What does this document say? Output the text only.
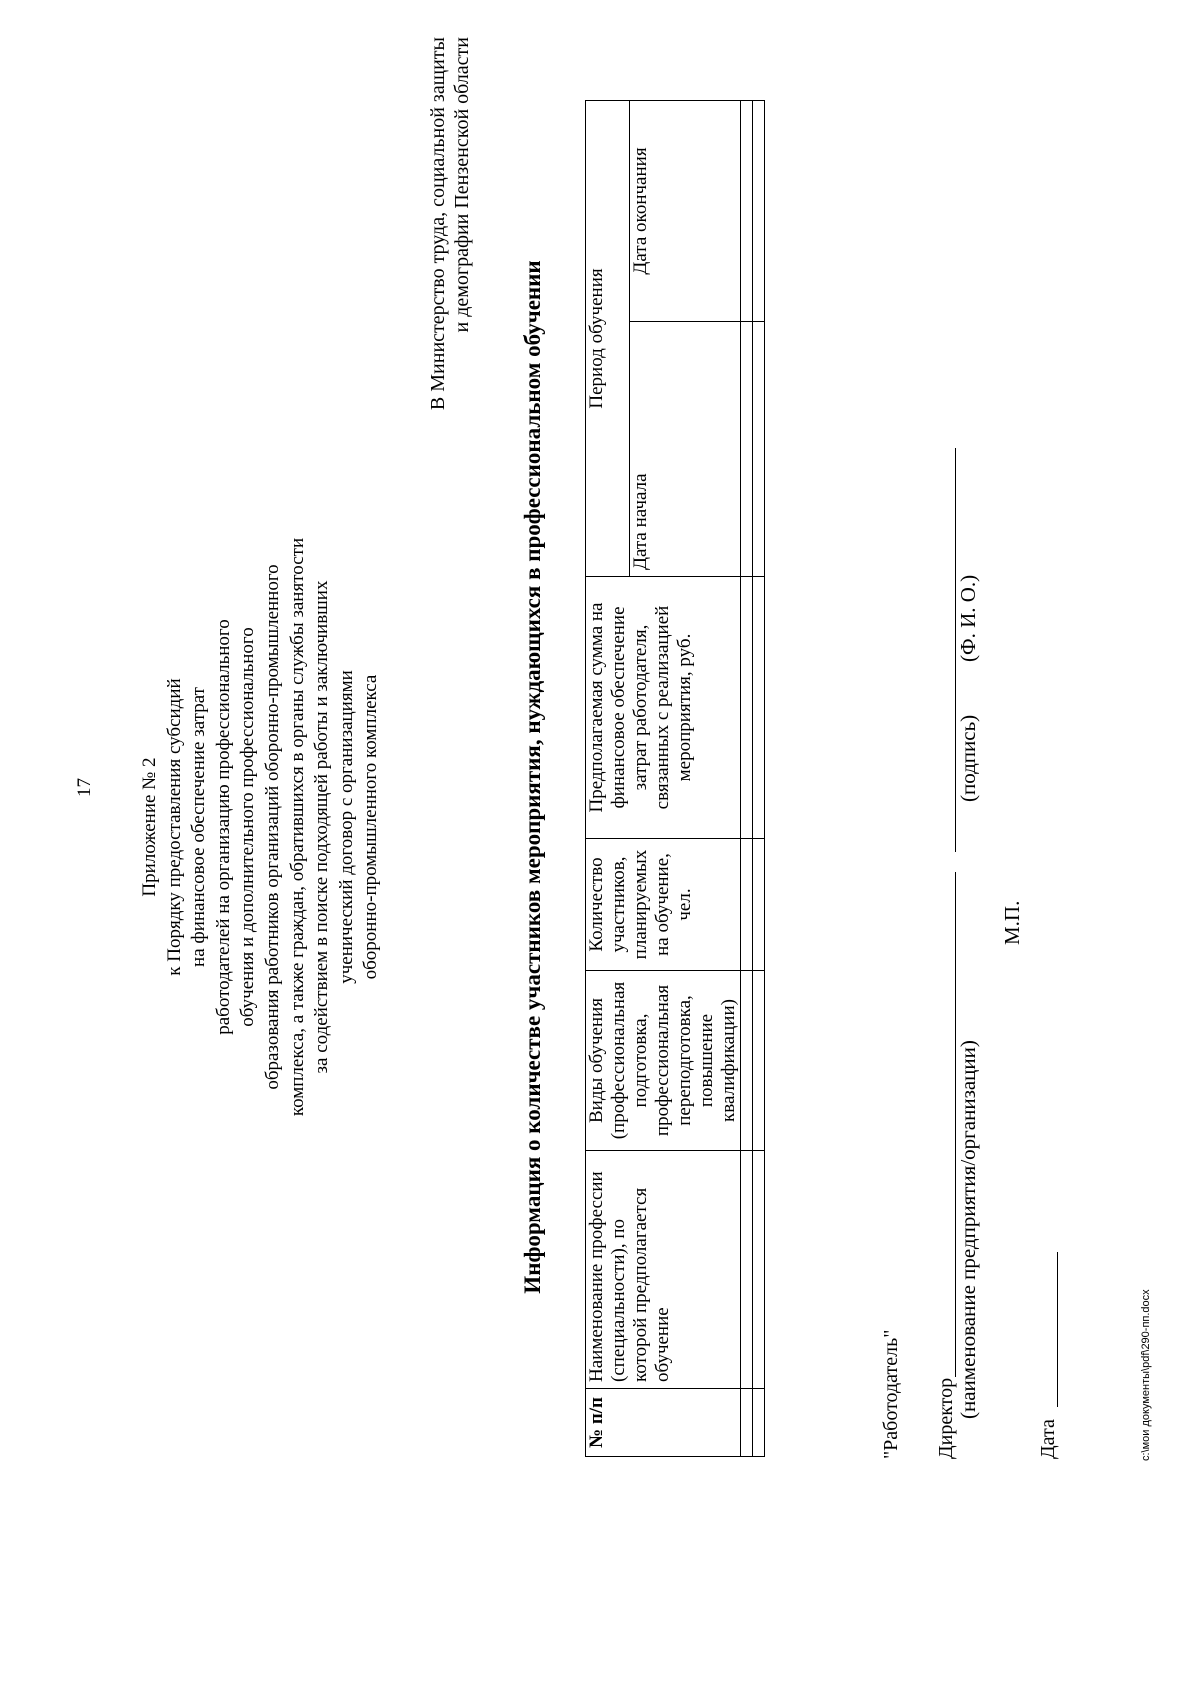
17 Приложение № 2 к Порядку предоставления субсидий на финансовое обеспечение затрат работодателей на организацию профессионального обучения и дополнительного профессионального образования работников организаций оборонно-промышленного комплекса, а также граждан, обратившихся в органы службы занятости за содействием в поиске подходящей работы и заключивших ученический договор с организациями оборонно-промышленного комплекса
В Министерство труда, социальной защиты и демографии Пензенской области
Информация о количестве участников мероприятия, нуждающихся в профессиональном обучении
№ п/п	Наименование профессии (специальности), по которой предполагается обучение	Виды обучения (профессиональная подготовка, профессиональная переподготовка, повышение квалификации)	Количество участников, планируемых на обучение, чел.	Предполагаемая сумма на финансовое обеспечение затрат работодателя, связанных с реализацией мероприятия, руб.	Период обучения	
					Дата начала	Дата окончания

"Работодатель" Директор (наименование предприятия/организации)
(подпись)
(Ф. И. О.)
М.П.
Дата	c:\мои документы\pdf\290-пп.docx
